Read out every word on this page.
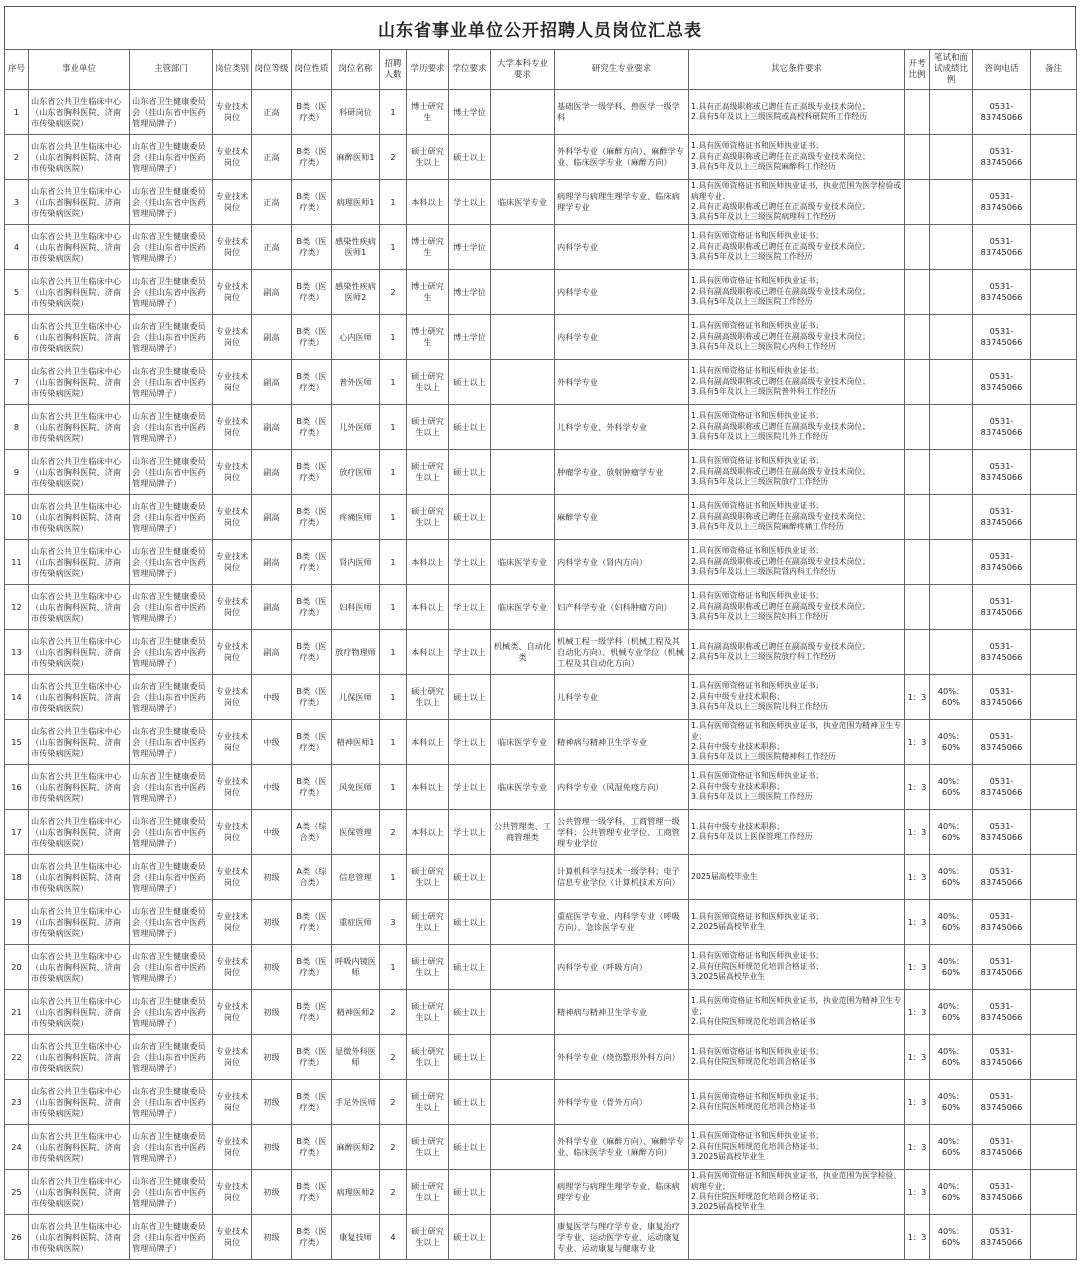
山东省事业单位公开招聘人员岗位汇总表
序号	事业单位	主管部门	岗位类别	岗位等级	岗位性质	岗位名称	招聘人数	学历要求	学位要求	大学本科专业要求	研究生专业要求	其它条件要求	开考比例	笔试和面试成绩比例	咨询电话	备注

1	山东省公共卫生临床中心（山东省胸科医院、济南市传染病医院）	山东省卫生健康委员会（挂山东省中医药管理局牌子）	专业技术岗位	正高	B类（医疗类）	科研岗位	1	博士研究生	博士学位		基础医学一级学科、兽医学一级学科	1.具有正高级职称或已聘任在正高级专业技术岗位；
2.具有5年及以上三级医院或高校科研院所工作经历			0531-83745066	

2	山东省公共卫生临床中心（山东省胸科医院、济南市传染病医院）	山东省卫生健康委员会（挂山东省中医药管理局牌子）	专业技术岗位	正高	B类（医疗类）	麻醉医师1	2	硕士研究生以上	硕士以上		外科学专业（麻醉方向）、麻醉学专业、临床医学专业（麻醉方向）	1.具有医师资格证书和医师执业证书；
2.具有正高级职称或已聘任在正高级专业技术岗位；
3.具有5年及以上三级医院麻醉科工作经历			0531-83745066	

3	山东省公共卫生临床中心（山东省胸科医院、济南市传染病医院）	山东省卫生健康委员会（挂山东省中医药管理局牌子）	专业技术岗位	正高	B类（医疗类）	病理医师1	1	本科以上	学士以上	临床医学专业	病理学与病理生理学专业、临床病理学专业	1.具有医师资格证书和医师执业证书，执业范围为医学检验或病理专业；
2.具有正高级职称或已聘任在正高级专业技术岗位；
3.具有5年及以上三级医院病理科工作经历			0531-83745066	

4	山东省公共卫生临床中心（山东省胸科医院、济南市传染病医院）	山东省卫生健康委员会（挂山东省中医药管理局牌子）	专业技术岗位	正高	B类（医疗类）	感染性疾病医师1	1	博士研究生	博士学位		内科学专业	1.具有医师资格证书和医师执业证书；
2.具有正高级职称或已聘任在正高级专业技术岗位；
3.具有5年及以上三级医院工作经历			0531-83745066	

5	山东省公共卫生临床中心（山东省胸科医院、济南市传染病医院）	山东省卫生健康委员会（挂山东省中医药管理局牌子）	专业技术岗位	副高	B类（医疗类）	感染性疾病医师2	2	博士研究生	博士学位		内科学专业	1.具有医师资格证书和医师执业证书；
2.具有副高级职称或已聘任在副高级专业技术岗位；
3.具有5年及以上三级医院工作经历			0531-83745066	

6	山东省公共卫生临床中心（山东省胸科医院、济南市传染病医院）	山东省卫生健康委员会（挂山东省中医药管理局牌子）	专业技术岗位	副高	B类（医疗类）	心内医师	1	博士研究生	博士学位		内科学专业	1.具有医师资格证书和医师执业证书；
2.具有副高级职称或已聘任在副高级专业技术岗位；
3.具有5年及以上三级医院心内科工作经历			0531-83745066	

7	山东省公共卫生临床中心（山东省胸科医院、济南市传染病医院）	山东省卫生健康委员会（挂山东省中医药管理局牌子）	专业技术岗位	副高	B类（医疗类）	普外医师	1	硕士研究生以上	硕士以上		外科学专业	1.具有医师资格证书和医师执业证书；
2.具有副高级职称或已聘任在副高级专业技术岗位；
3.具有5年及以上三级医院普外科工作经历			0531-83745066	

8	山东省公共卫生临床中心（山东省胸科医院、济南市传染病医院）	山东省卫生健康委员会（挂山东省中医药管理局牌子）	专业技术岗位	副高	B类（医疗类）	儿外医师	1	硕士研究生以上	硕士以上		儿科学专业、外科学专业	1.具有医师资格证书和医师执业证书；
2.具有副高级职称或已聘任在副高级专业技术岗位；
3.具有5年及以上三级医院儿外工作经历			0531-83745066	

9	山东省公共卫生临床中心（山东省胸科医院、济南市传染病医院）	山东省卫生健康委员会（挂山东省中医药管理局牌子）	专业技术岗位	副高	B类（医疗类）	放疗医师	1	硕士研究生以上	硕士以上		肿瘤学专业、放射肿瘤学专业	1.具有医师资格证书和医师执业证书；
2.具有副高级职称或已聘任在副高级专业技术岗位；
3.具有5年及以上三级医院放疗工作经历			0531-83745066	

10	山东省公共卫生临床中心（山东省胸科医院、济南市传染病医院）	山东省卫生健康委员会（挂山东省中医药管理局牌子）	专业技术岗位	副高	B类（医疗类）	疼痛医师	1	硕士研究生以上	硕士以上		麻醉学专业	1.具有医师资格证书和医师执业证书；
2.具有副高级职称或已聘任在副高级专业技术岗位；
3.具有5年及以上三级医院麻醉疼痛工作经历			0531-83745066	

11	山东省公共卫生临床中心（山东省胸科医院、济南市传染病医院）	山东省卫生健康委员会（挂山东省中医药管理局牌子）	专业技术岗位	副高	B类（医疗类）	肾内医师	1	本科以上	学士以上	临床医学专业	内科学专业（肾内方向）	1.具有医师资格证书和医师执业证书；
2.具有副高级职称或已聘任在副高级专业技术岗位；
3.具有5年及以上三级医院肾内科工作经历			0531-83745066	

12	山东省公共卫生临床中心（山东省胸科医院、济南市传染病医院）	山东省卫生健康委员会（挂山东省中医药管理局牌子）	专业技术岗位	副高	B类（医疗类）	妇科医师	1	本科以上	学士以上	临床医学专业	妇产科学专业（妇科肿瘤方向）	1.具有医师资格证书和医师执业证书；
2.具有副高级职称或已聘任在副高级专业技术岗位；
3.具有5年及以上三级医院妇科工作经历			0531-83745066	

13	山东省公共卫生临床中心（山东省胸科医院、济南市传染病医院）	山东省卫生健康委员会（挂山东省中医药管理局牌子）	专业技术岗位	副高	B类（医疗类）	放疗物理师	1	本科以上	学士以上	机械类、自动化类	机械工程一级学科（机械工程及其自动化方向）、机械专业学位（机械工程及其自动化方向）	1.具有副高级职称或已聘任在副高级专业技术岗位；
2.具有5年及以上三级医院放疗科工作经历			0531-83745066	

14	山东省公共卫生临床中心（山东省胸科医院、济南市传染病医院）	山东省卫生健康委员会（挂山东省中医药管理局牌子）	专业技术岗位	中级	B类（医疗类）	儿保医师	1	硕士研究生以上	硕士以上		儿科学专业	1.具有医师资格证书和医师执业证书；
2.具有中级专业技术职称；
3.具有5年及以上三级医院儿科工作经历	1：3	40%：60%	0531-83745066	

15	山东省公共卫生临床中心（山东省胸科医院、济南市传染病医院）	山东省卫生健康委员会（挂山东省中医药管理局牌子）	专业技术岗位	中级	B类（医疗类）	精神医师1	1	本科以上	学士以上	临床医学专业	精神病与精神卫生学专业	1.具有医师资格证书和医师执业证书，执业范围为精神卫生专业；
2.具有中级专业技术职称；
3.具有5年及以上三级医院精神科工作经历	1：3	40%：60%	0531-83745066	

16	山东省公共卫生临床中心（山东省胸科医院、济南市传染病医院）	山东省卫生健康委员会（挂山东省中医药管理局牌子）	专业技术岗位	中级	B类（医疗类）	风免医师	1	本科以上	学士以上	临床医学专业	内科学专业（风湿免疫方向）	1.具有医师资格证书和医师执业证书；
2.具有中级专业技术职称；
3.具有5年及以上三级医院工作经历	1：3	40%：60%	0531-83745066	

17	山东省公共卫生临床中心（山东省胸科医院、济南市传染病医院）	山东省卫生健康委员会（挂山东省中医药管理局牌子）	专业技术岗位	中级	A类（综合类）	医保管理	2	本科以上	学士以上	公共管理类、工商管理类	公共管理一级学科，工商管理一级学科；公共管理专业学位、工商管理专业学位	1.具有中级专业技术职称；
2.具有5年及以上医保管理工作经历	1：3	40%：60%	0531-83745066	

18	山东省公共卫生临床中心（山东省胸科医院、济南市传染病医院）	山东省卫生健康委员会（挂山东省中医药管理局牌子）	专业技术岗位	初级	A类（综合类）	信息管理	1	硕士研究生以上	硕士以上		计算机科学与技术一级学科；电子信息专业学位（计算机技术方向）	2025届高校毕业生	1：3	40%：60%	0531-83745066	

19	山东省公共卫生临床中心（山东省胸科医院、济南市传染病医院）	山东省卫生健康委员会（挂山东省中医药管理局牌子）	专业技术岗位	初级	B类（医疗类）	重症医师	3	硕士研究生以上	硕士以上		重症医学专业、内科学专业（呼吸方向）、急诊医学专业	1.具有医师资格证书和医师执业证书；
2.2025届高校毕业生	1：3	40%：60%	0531-83745066	

20	山东省公共卫生临床中心（山东省胸科医院、济南市传染病医院）	山东省卫生健康委员会（挂山东省中医药管理局牌子）	专业技术岗位	初级	B类（医疗类）	呼吸内镜医师	1	硕士研究生以上	硕士以上		内科学专业（呼吸方向）	1.具有医师资格证书和医师执业证书；
2.具有住院医师规范化培训合格证书；
3.2025届高校毕业生	1：3	40%：60%	0531-83745066	

21	山东省公共卫生临床中心（山东省胸科医院、济南市传染病医院）	山东省卫生健康委员会（挂山东省中医药管理局牌子）	专业技术岗位	初级	B类（医疗类）	精神医师2	2	硕士研究生以上	硕士以上		精神病与精神卫生学专业	1.具有医师资格证书和医师执业证书，执业范围为精神卫生专业；
2.具有住院医师规范化培训合格证书	1：3	40%：60%	0531-83745066	

22	山东省公共卫生临床中心（山东省胸科医院、济南市传染病医院）	山东省卫生健康委员会（挂山东省中医药管理局牌子）	专业技术岗位	初级	B类（医疗类）	显微外科医师	2	硕士研究生以上	硕士以上		外科学专业（烧伤整形外科方向）	1.具有医师资格证书和医师执业证书；
2.具有住院医师规范化培训合格证书	1：3	40%：60%	0531-83745066	

23	山东省公共卫生临床中心（山东省胸科医院、济南市传染病医院）	山东省卫生健康委员会（挂山东省中医药管理局牌子）	专业技术岗位	初级	B类（医疗类）	手足外医师	2	硕士研究生以上	硕士以上		外科学专业（骨外方向）	1.具有医师资格证书和医师执业证书；
2.具有住院医师规范化培训合格证书	1：3	40%：60%	0531-83745066	

24	山东省公共卫生临床中心（山东省胸科医院、济南市传染病医院）	山东省卫生健康委员会（挂山东省中医药管理局牌子）	专业技术岗位	初级	B类（医疗类）	麻醉医师2	2	硕士研究生以上	硕士以上		外科学专业（麻醉方向）、麻醉学专业、临床医学专业（麻醉方向）	1.具有医师资格证书和医师执业证书；
2.具有住院医师规范化培训合格证书；
3.2025届高校毕业生	1：3	40%：60%	0531-83745066	

25	山东省公共卫生临床中心（山东省胸科医院、济南市传染病医院）	山东省卫生健康委员会（挂山东省中医药管理局牌子）	专业技术岗位	初级	B类（医疗类）	病理医师2	2	硕士研究生以上	硕士以上		病理学与病理生理学专业、临床病理学专业	1.具有医师资格证书和医师执业证书，执业范围为医学检验、病理专业；
2.具有住院医师规范化培训合格证书；
3.2025届高校毕业生	1：3	40%：60%	0531-83745066	

26	山东省公共卫生临床中心（山东省胸科医院、济南市传染病医院）	山东省卫生健康委员会（挂山东省中医药管理局牌子）	专业技术岗位	初级	B类（医疗类）	康复技师	4	硕士研究生以上	硕士以上		康复医学与理疗学专业、康复治疗学专业、运动医学专业、运动康复专业、运动康复与健康专业		1：3	40%：60%	0531-83745066	
